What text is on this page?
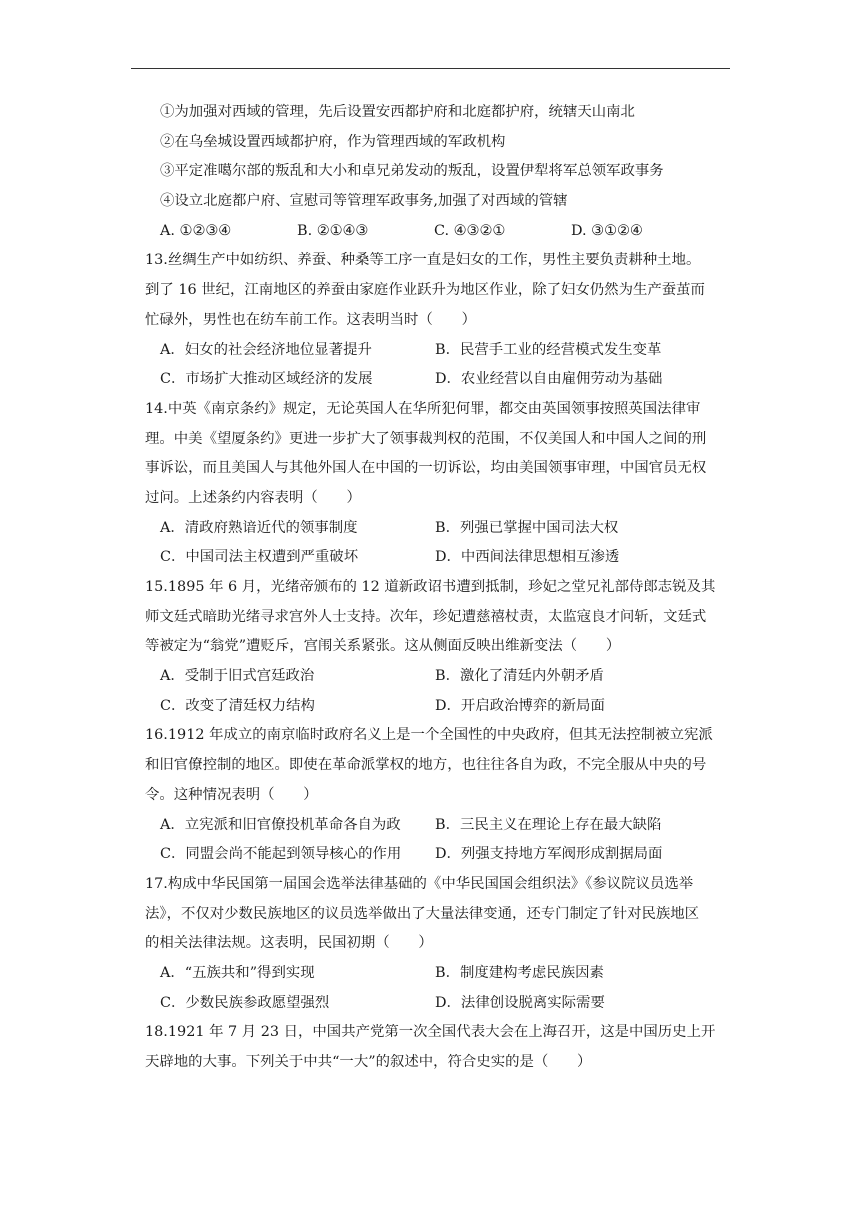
①为加强对西域的管理，先后设置安西都护府和北庭都护府，统辖天山南北
②在乌垒城设置西域都护府，作为管理西域的军政机构
③平定准噶尔部的叛乱和大小和卓兄弟发动的叛乱，设置伊犁将军总领军政事务
④设立北庭都户府、宣慰司等管理军政事务,加强了对西域的管辖
A. ①②③④	B. ②①④③	C. ④③②①	D. ③①②④
13.丝绸生产中如纺织、养蚕、种桑等工序一直是妇女的工作，男性主要负责耕种土地。
到了 16 世纪，江南地区的养蚕由家庭作业跃升为地区作业，除了妇女仍然为生产蚕茧而
忙碌外，男性也在纺车前工作。这表明当时（　　）
A．妇女的社会经济地位显著提升	B．民营手工业的经营模式发生变革
C．市场扩大推动区域经济的发展	D．农业经营以自由雇佣劳动为基础
14.中英《南京条约》规定，无论英国人在华所犯何罪，都交由英国领事按照英国法律审
理。中美《望厦条约》更进一步扩大了领事裁判权的范围，不仅美国人和中国人之间的刑
事诉讼，而且美国人与其他外国人在中国的一切诉讼，均由美国领事审理，中国官员无权
过问。上述条约内容表明（　　）
A．清政府熟谙近代的领事制度	B．列强已掌握中国司法大权
C．中国司法主权遭到严重破坏	D．中西间法律思想相互渗透
15.1895 年 6 月，光绪帝颁布的 12 道新政诏书遭到抵制，珍妃之堂兄礼部侍郎志锐及其
师文廷式暗助光绪寻求宫外人士支持。次年，珍妃遭慈禧杖责，太监寇良才问斩，文廷式
等被定为“翁党”遭贬斥，宫闱关系紧张。这从侧面反映出维新变法（　　）
A．受制于旧式宫廷政治	B．激化了清廷内外朝矛盾
C．改变了清廷权力结构	D．开启政治博弈的新局面
16.1912 年成立的南京临时政府名义上是一个全国性的中央政府，但其无法控制被立宪派
和旧官僚控制的地区。即使在革命派掌权的地方，也往往各自为政，不完全服从中央的号
令。这种情况表明（　　）
A．立宪派和旧官僚投机革命各自为政	B．三民主义在理论上存在最大缺陷
C．同盟会尚不能起到领导核心的作用	D．列强支持地方军阀形成割据局面
17.构成中华民国第一届国会选举法律基础的《中华民国国会组织法》《参议院议员选举
法》，不仅对少数民族地区的议员选举做出了大量法律变通，还专门制定了针对民族地区
的相关法律法规。这表明，民国初期（　　）
A．“五族共和”得到实现	B．制度建构考虑民族因素
C．少数民族参政愿望强烈	D．法律创设脱离实际需要
18.1921 年 7 月 23 日，中国共产党第一次全国代表大会在上海召开，这是中国历史上开
天辟地的大事。下列关于中共“一大”的叙述中，符合史实的是（　　）
